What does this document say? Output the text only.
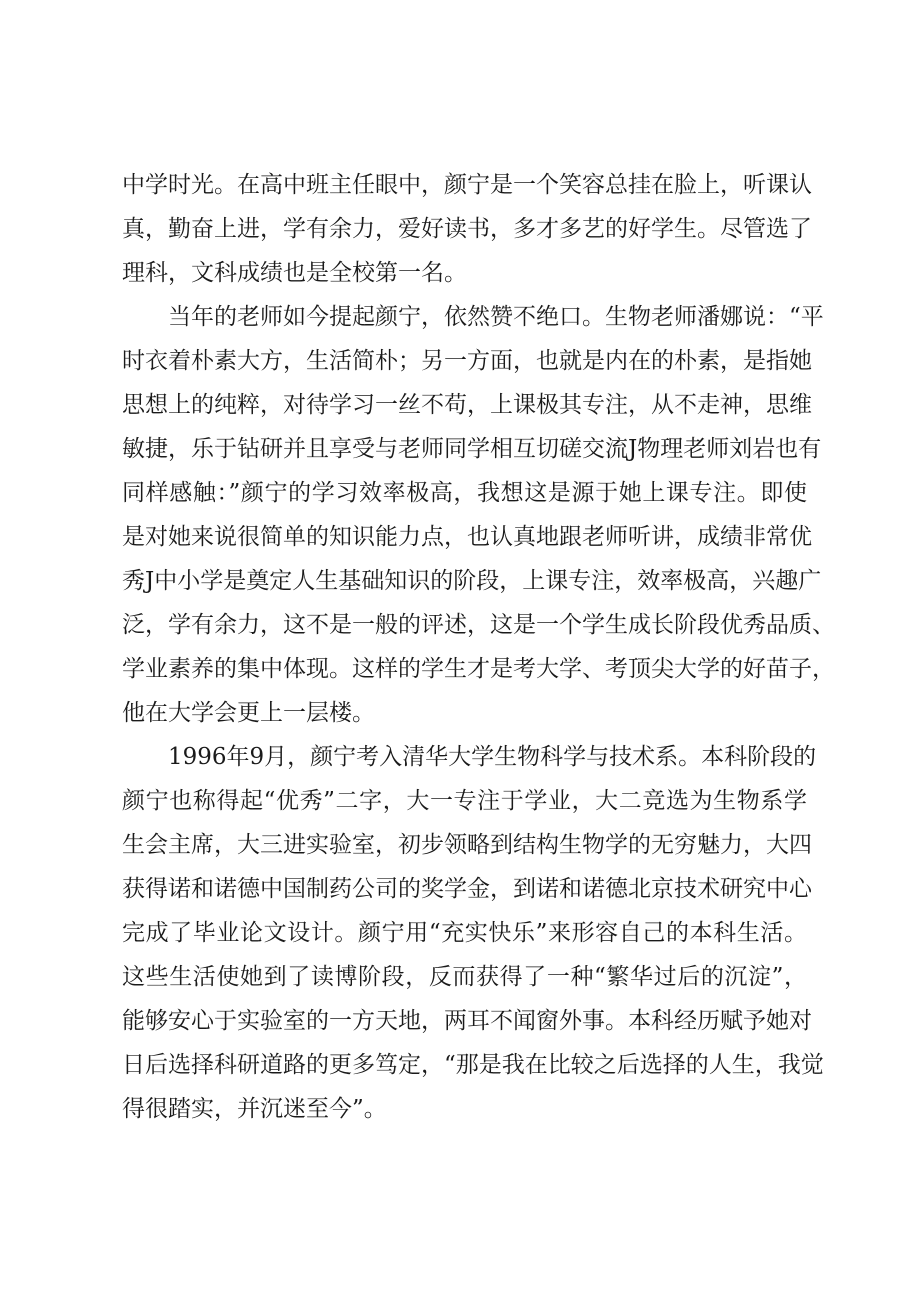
中学时光。在高中班主任眼中，颜宁是一个笑容总挂在脸上，听课认
真，勤奋上进，学有余力，爱好读书，多才多艺的好学生。尽管选了
理科，文科成绩也是全校第一名。
当年的老师如今提起颜宁，依然赞不绝口。生物老师潘娜说：“平
时衣着朴素大方，生活简朴；另一方面，也就是内在的朴素，是指她
思想上的纯粹，对待学习一丝不苟，上课极其专注，从不走神，思维
敏捷，乐于钻研并且享受与老师同学相互切磋交流J物理老师刘岩也有
同样感触：”颜宁的学习效率极高，我想这是源于她上课专注。即使
是对她来说很简单的知识能力点，也认真地跟老师听讲，成绩非常优
秀J中小学是奠定人生基础知识的阶段，上课专注，效率极高，兴趣广
泛，学有余力，这不是一般的评述，这是一个学生成长阶段优秀品质、
学业素养的集中体现。这样的学生才是考大学、考顶尖大学的好苗子，
他在大学会更上一层楼。
1996年9月，颜宁考入清华大学生物科学与技术系。本科阶段的
颜宁也称得起“优秀”二字，大一专注于学业，大二竞选为生物系学
生会主席，大三进实验室，初步领略到结构生物学的无穷魅力，大四
获得诺和诺德中国制药公司的奖学金，到诺和诺德北京技术研究中心
完成了毕业论文设计。颜宁用“充实快乐”来形容自己的本科生活。
这些生活使她到了读博阶段，反而获得了一种“繁华过后的沉淀”，
能够安心于实验室的一方天地，两耳不闻窗外事。本科经历赋予她对
日后选择科研道路的更多笃定，“那是我在比较之后选择的人生，我觉
得很踏实，并沉迷至今”。
